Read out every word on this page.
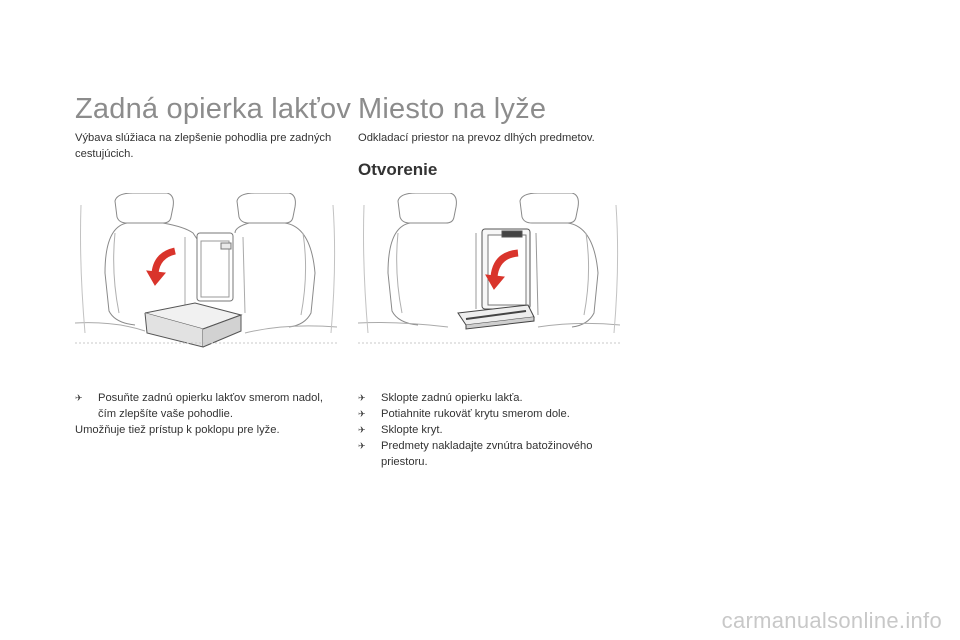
Zadná opierka lakťov

Výbava slúžiaca na zlepšenie pohodlia pre zadných cestujúcich.

✈	Posuňte zadnú opierku lakťov smerom nadol, čím zlepšíte vaše pohodlie.

Umožňuje tiež prístup k poklopu pre lyže.

Miesto na lyže

Odkladací priestor na prevoz dlhých predmetov.

Otvorenie
✈	Sklopte zadnú opierku lakťa.
✈	Potiahnite rukoväť krytu smerom dole.
✈	Sklopte kryt.
✈	Predmety nakladajte zvnútra batožinového priestoru.
carmanualsonline.info
